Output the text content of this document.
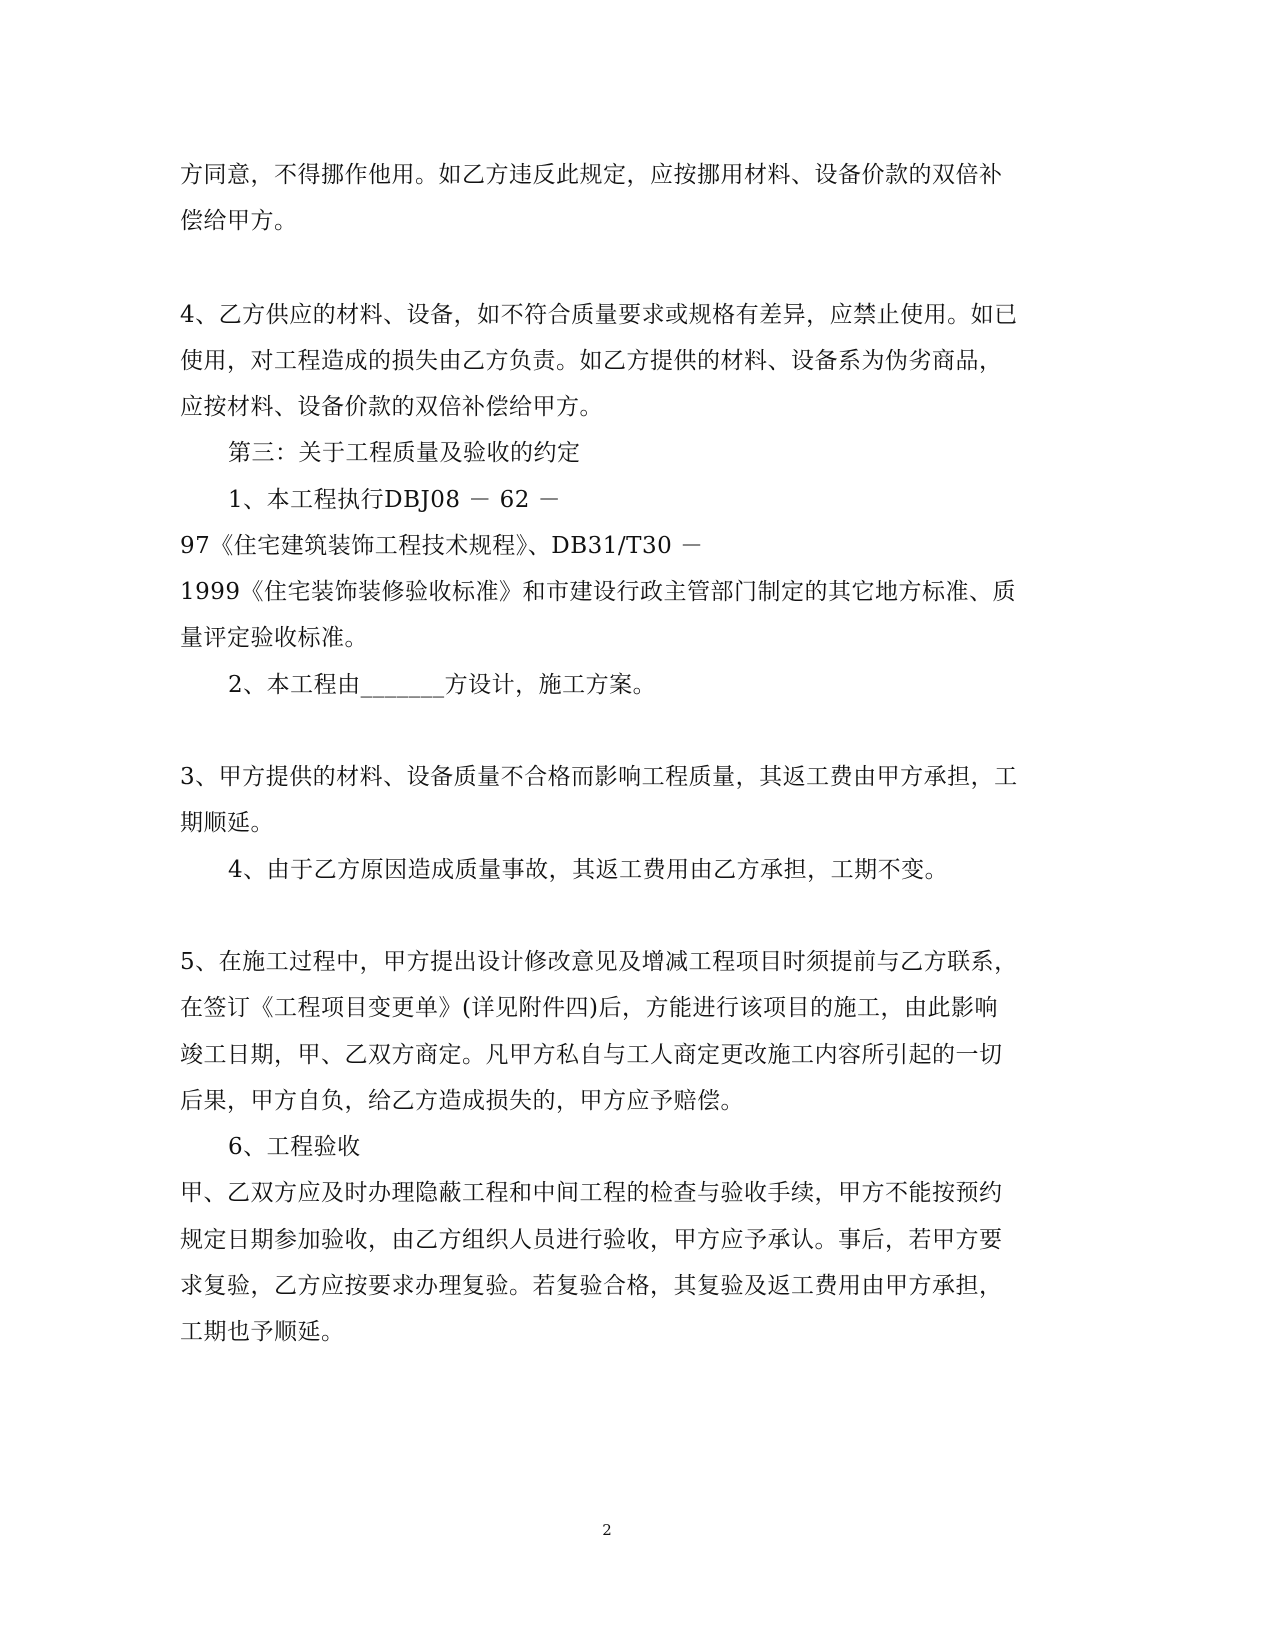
方同意，不得挪作他用。如乙方违反此规定，应按挪用材料、设备价款的双倍补
偿给甲方。
4、乙方供应的材料、设备，如不符合质量要求或规格有差异，应禁止使用。如已
使用，对工程造成的损失由乙方负责。如乙方提供的材料、设备系为伪劣商品，
应按材料、设备价款的双倍补偿给甲方。
第三：关于工程质量及验收的约定
1、本工程执行DBJ08 － 62 －
97《住宅建筑装饰工程技术规程》、DB31/T30 －
1999《住宅装饰装修验收标准》和市建设行政主管部门制定的其它地方标准、质
量评定验收标准。
2、本工程由_______方设计，施工方案。
3、甲方提供的材料、设备质量不合格而影响工程质量，其返工费由甲方承担，工
期顺延。
4、由于乙方原因造成质量事故，其返工费用由乙方承担，工期不变。
5、在施工过程中，甲方提出设计修改意见及增减工程项目时须提前与乙方联系，
在签订《工程项目变更单》(详见附件四)后，方能进行该项目的施工，由此影响
竣工日期，甲、乙双方商定。凡甲方私自与工人商定更改施工内容所引起的一切
后果，甲方自负，给乙方造成损失的，甲方应予赔偿。
6、工程验收
甲、乙双方应及时办理隐蔽工程和中间工程的检查与验收手续，甲方不能按预约
规定日期参加验收，由乙方组织人员进行验收，甲方应予承认。事后，若甲方要
求复验，乙方应按要求办理复验。若复验合格，其复验及返工费用由甲方承担，
工期也予顺延。
2
